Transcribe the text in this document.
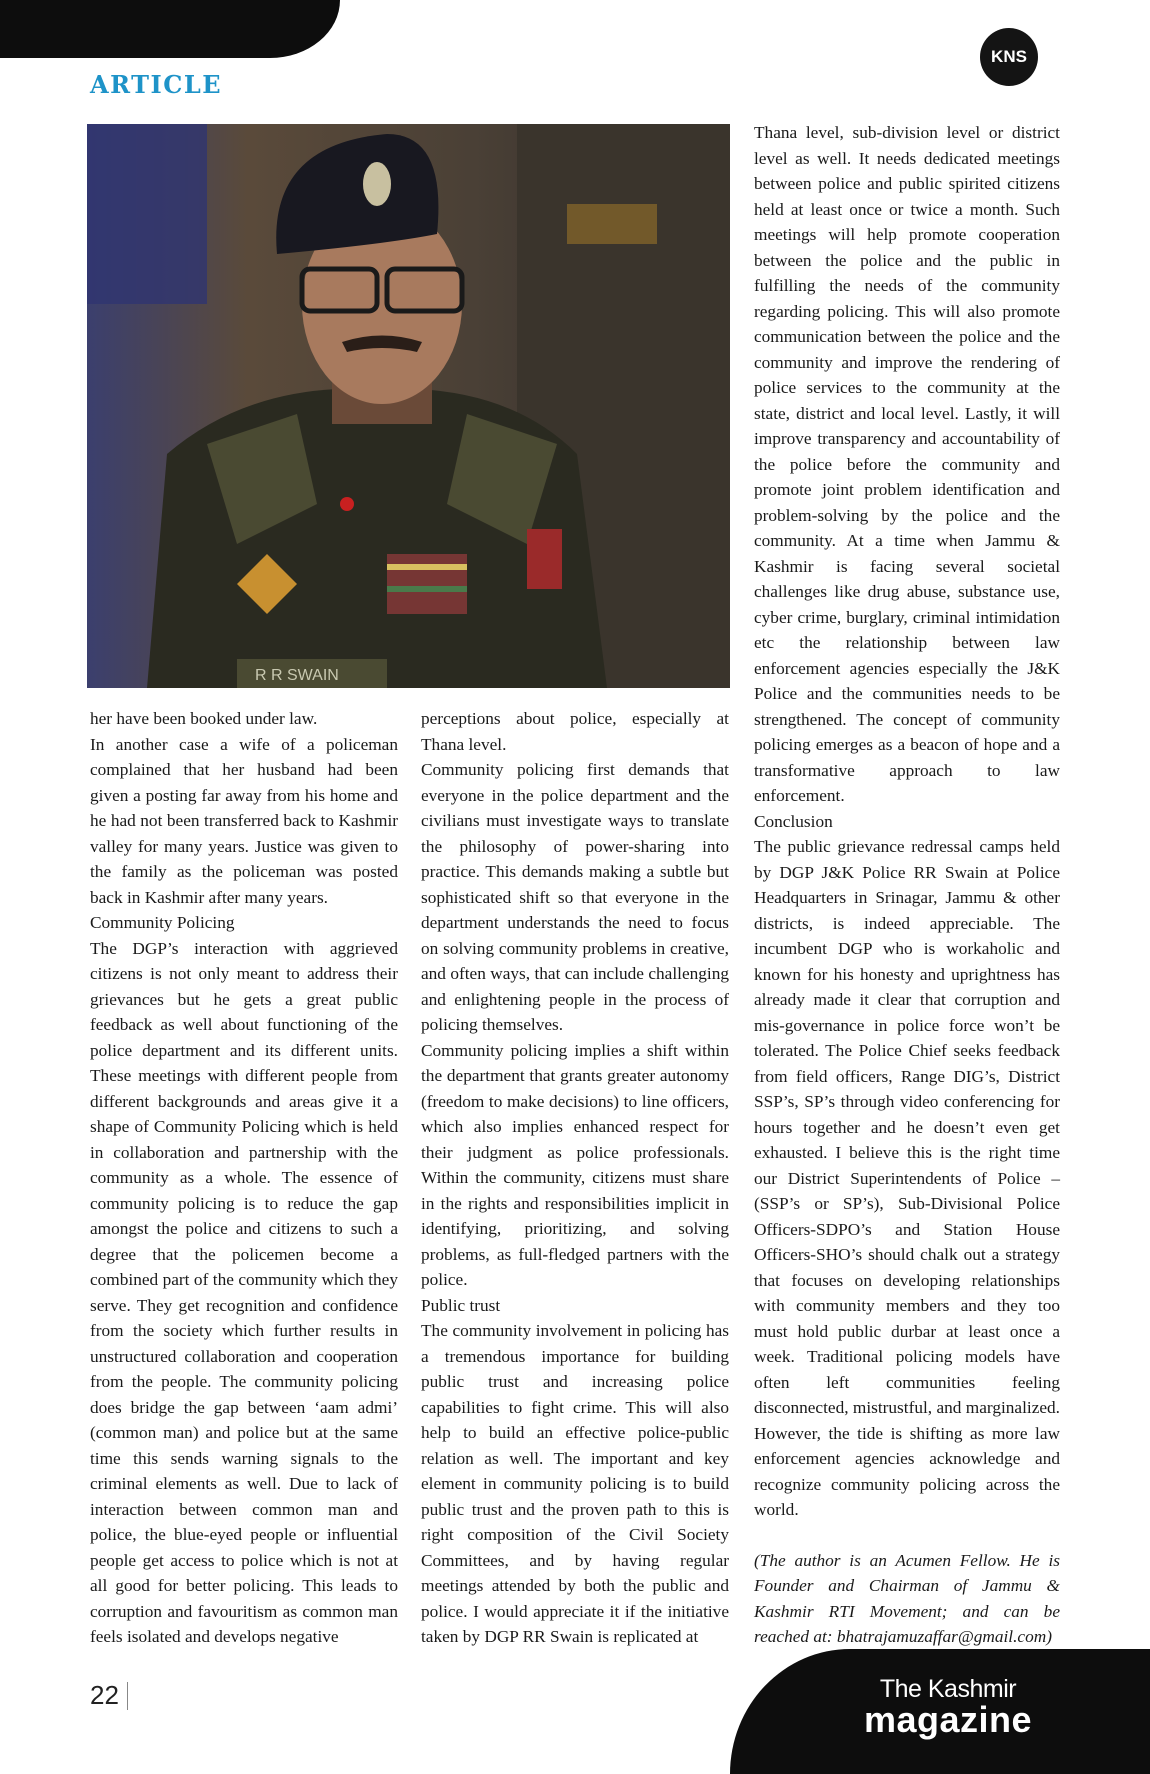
ARTICLE
KNS
R R SWAIN

her have been booked under law.

In another case a wife of a policeman complained that her husband had been given a posting far away from his home and he had not been transferred back to Kashmir valley for many years. Justice was given to the family as the policeman was posted back in Kashmir after many years.

Community Policing

The DGP’s interaction with aggrieved citizens is not only meant to address their grievances but he gets a great public feedback as well about functioning of the police department and its different units. These meetings with different people from different backgrounds and areas give it a shape of Community Policing which is held in collaboration and partnership with the community as a whole. The essence of community policing is to reduce the gap amongst the police and citizens to such a degree that the policemen become a combined part of the community which they serve. They get recognition and confidence from the society which further results in unstructured collaboration and cooperation from the people. The community policing does bridge the gap between ‘aam admi’ (common man) and police but at the same time this sends warning signals to the criminal elements as well. Due to lack of interaction between common man and police, the blue-eyed people or influential people get access to police which is not at all good for better policing. This leads to corruption and favouritism as common man feels isolated and develops negative

perceptions about police, especially at Thana level.

Community policing first demands that everyone in the police department and the civilians must investigate ways to translate the philosophy of power-sharing into practice. This demands making a subtle but sophisticated shift so that everyone in the department understands the need to focus on solving community problems in creative, and often ways, that can include challenging and enlightening people in the process of policing themselves.

Community policing implies a shift within the department that grants greater autonomy (freedom to make decisions) to line officers, which also implies enhanced respect for their judgment as police professionals. Within the community, citizens must share in the rights and responsibilities implicit in identifying, prioritizing, and solving problems, as full-fledged partners with the police.

Public trust

The community involvement in policing has a tremendous importance for building public trust and increasing police capabilities to fight crime. This will also help to build an effective police-public relation as well. The important and key element in community policing is to build public trust and the proven path to this is right composition of the Civil Society Committees, and by having regular meetings attended by both the public and police. I would appreciate it if the initiative taken by DGP RR Swain is replicated at

Thana level, sub-division level or district level as well. It needs dedicated meetings between police and public spirited citizens held at least once or twice a month. Such meetings will help promote cooperation between the police and the public in fulfilling the needs of the community regarding policing. This will also promote communication between the police and the community and improve the rendering of police services to the community at the state, district and local level. Lastly, it will improve transparency and accountability of the police before the community and promote joint problem identification and problem-solving by the police and the community. At a time when Jammu & Kashmir is facing several societal challenges like drug abuse, substance use, cyber crime, burglary, criminal intimidation etc the relationship between law enforcement agencies especially the J&K Police and the communities needs to be strengthened. The concept of community policing emerges as a beacon of hope and a transformative approach to law enforcement.

Conclusion

The public grievance redressal camps held by DGP J&K Police RR Swain at Police Headquarters in Srinagar, Jammu & other districts, is indeed appreciable. The incumbent DGP who is workaholic and known for his honesty and uprightness has already made it clear that corruption and mis-governance in police force won’t be tolerated. The Police Chief seeks feedback from field officers, Range DIG’s, District SSP’s, SP’s through video conferencing for hours together and he doesn’t even get exhausted. I believe this is the right time our District Superintendents of Police – (SSP’s or SP’s), Sub-Divisional Police Officers-SDPO’s and Station House Officers-SHO’s should chalk out a strategy that focuses on developing relationships with community members and they too must hold public durbar at least once a week. Traditional policing models have often left communities feeling disconnected, mistrustful, and marginalized. However, the tide is shifting as more law enforcement agencies acknowledge and recognize community policing across the world.

(The author is an Acumen Fellow. He is Founder and Chairman of Jammu & Kashmir RTI Movement; and can be reached at: bhatrajamuzaffar@gmail.com)

22	The Kashmir
magazine
